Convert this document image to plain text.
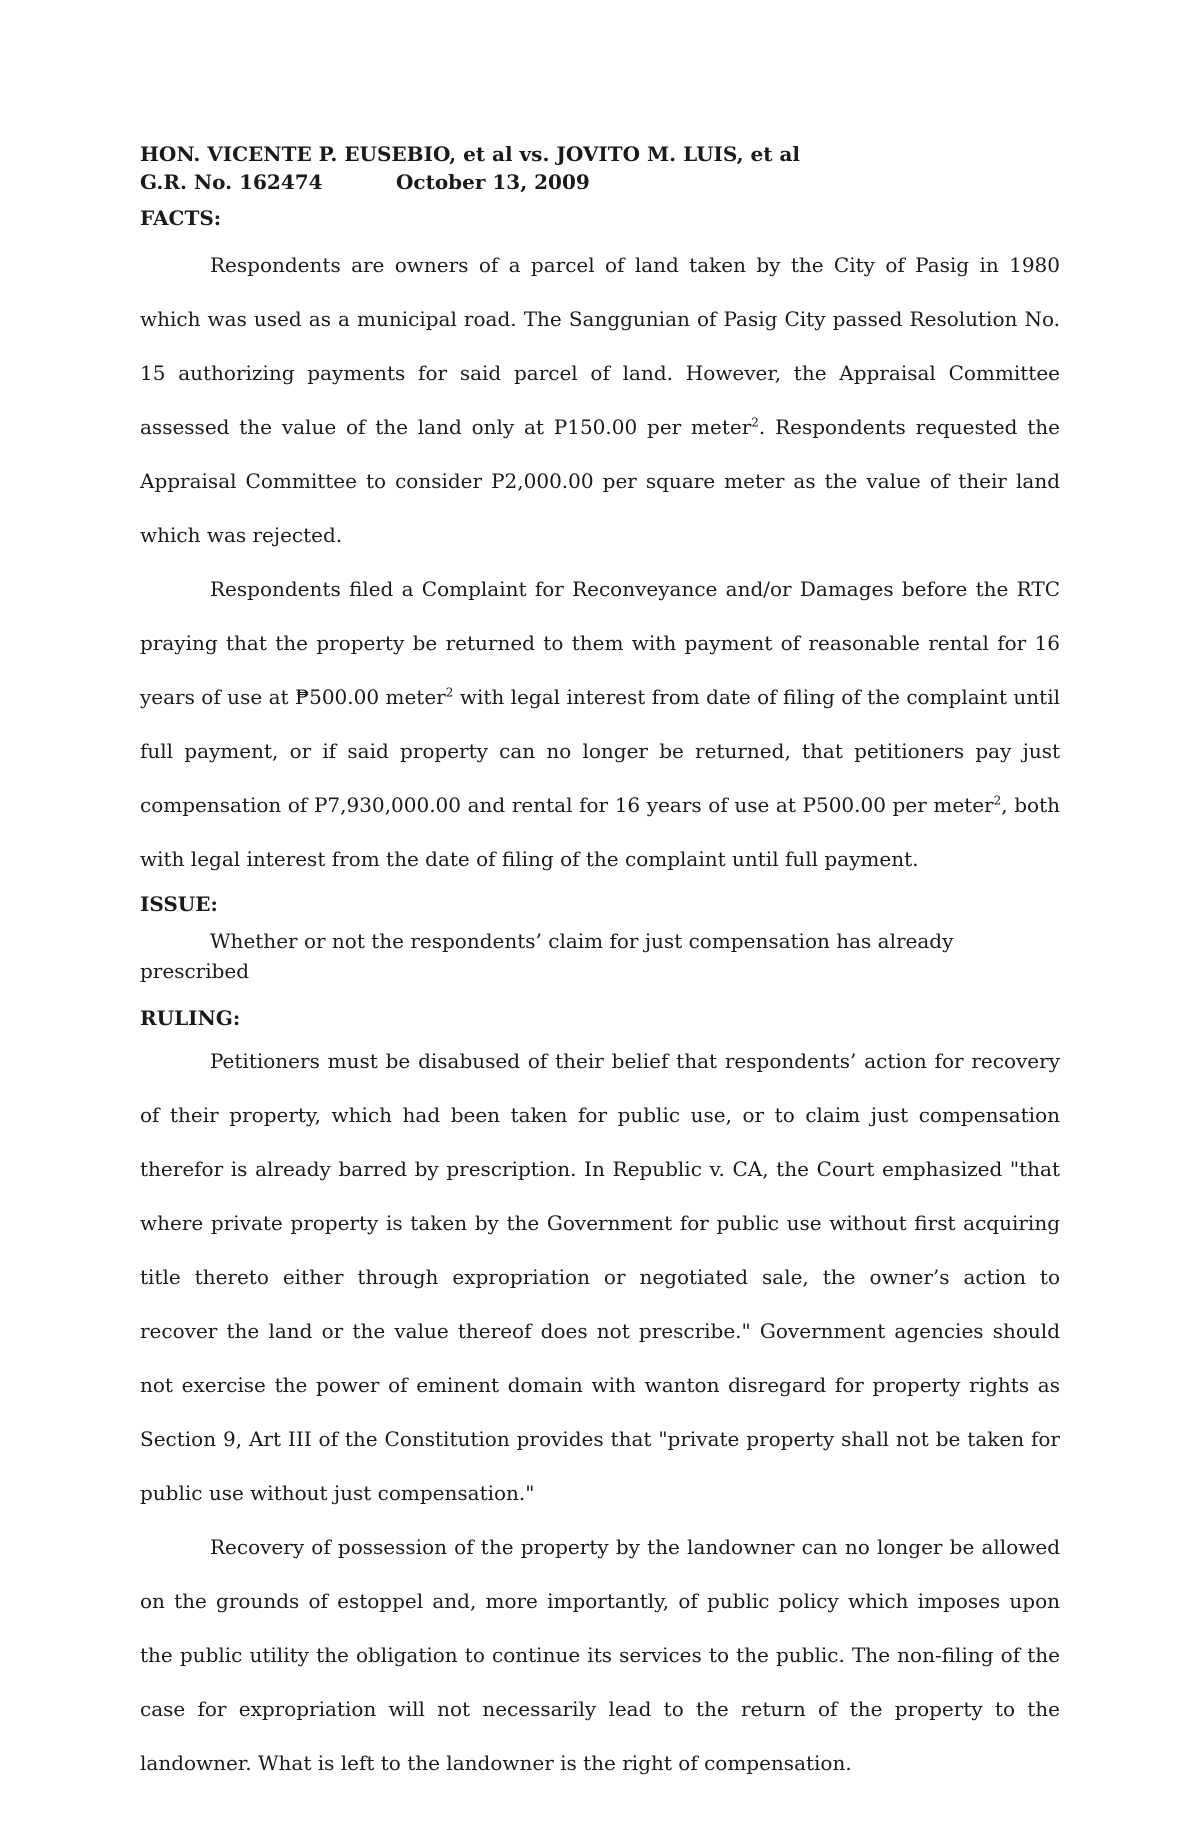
HON. VICENTE P. EUSEBIO, et al vs. JOVITO M. LUIS, et al
G.R. No. 162474	October 13, 2009
FACTS:

Respondents are owners of a parcel of land taken by the City of Pasig in 1980 which was used as a municipal road. The Sanggunian of Pasig City passed Resolution No. 15 authorizing payments for said parcel of land. However, the Appraisal Committee assessed the value of the land only at P150.00 per meter$^2$. Respondents requested the Appraisal Committee to consider P2,000.00 per square meter as the value of their land which was rejected.

Respondents filed a Complaint for Reconveyance and/or Damages before the RTC praying that the property be returned to them with payment of reasonable rental for 16 years of use at ₱500.00 meter$^2$ with legal interest from date of filing of the complaint until full payment, or if said property can no longer be returned, that petitioners pay just compensation of P7,930,000.00 and rental for 16 years of use at P500.00 per meter$^2$, both with legal interest from the date of filing of the complaint until full payment.

ISSUE:
Whether or not the respondents’ claim for just compensation has already prescribed
RULING:

Petitioners must be disabused of their belief that respondents’ action for recovery of their property, which had been taken for public use, or to claim just compensation therefor is already barred by prescription. In Republic v. CA, the Court emphasized "that where private property is taken by the Government for public use without first acquiring title thereto either through expropriation or negotiated sale, the owner’s action to recover the land or the value thereof does not prescribe." Government agencies should not exercise the power of eminent domain with wanton disregard for property rights as Section 9, Art III of the Constitution provides that "private property shall not be taken for public use without just compensation."

Recovery of possession of the property by the landowner can no longer be allowed on the grounds of estoppel and, more importantly, of public policy which imposes upon the public utility the obligation to continue its services to the public. The non-filing of the case for expropriation will not necessarily lead to the return of the property to the landowner. What is left to the landowner is the right of compensation.
